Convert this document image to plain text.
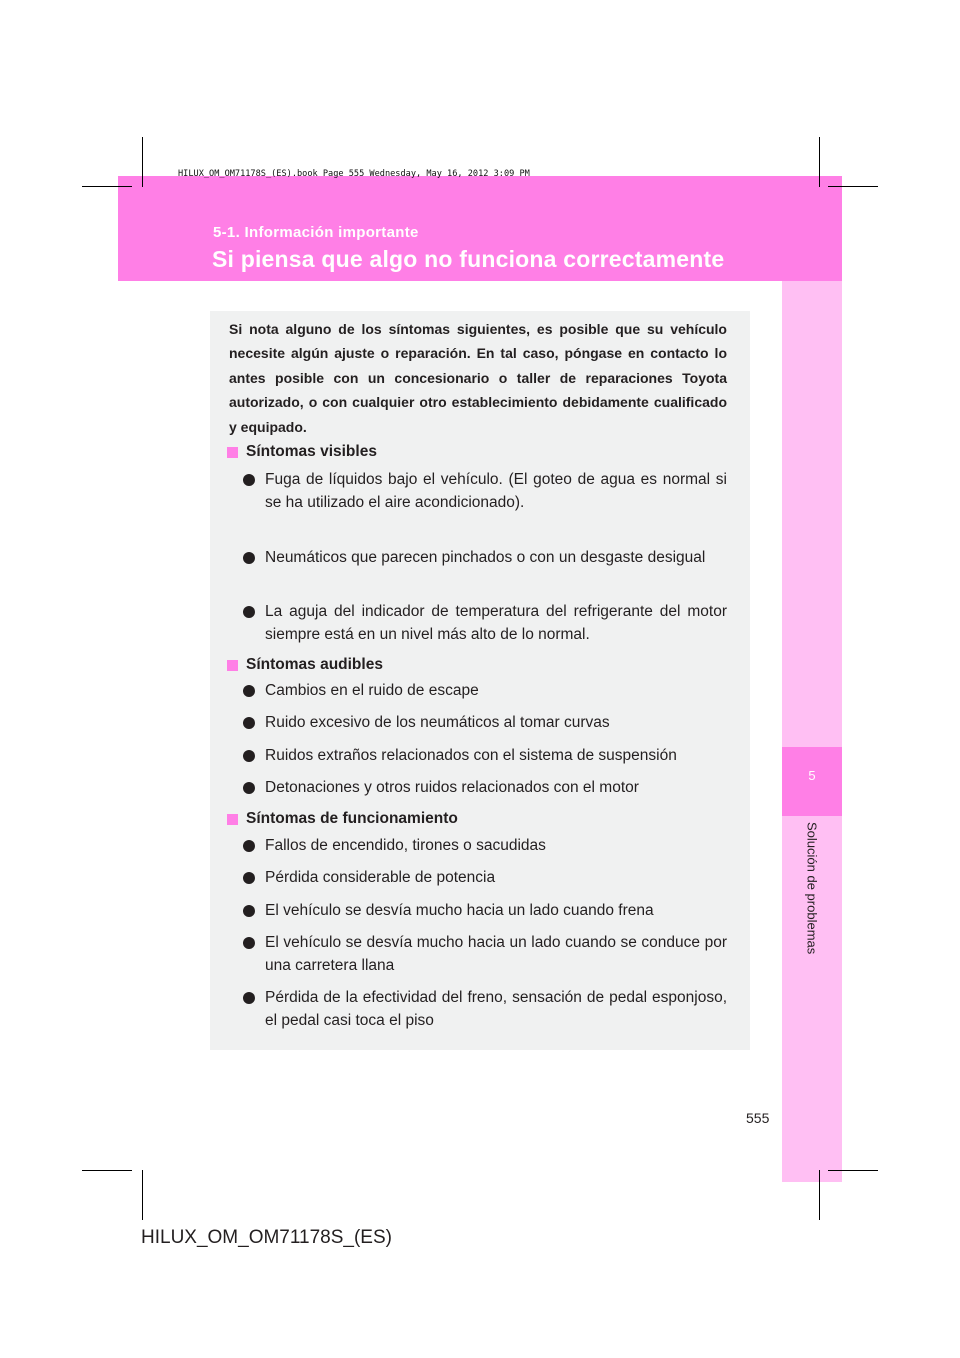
HILUX_OM_OM71178S_(ES).book Page 555 Wednesday, May 16, 2012 3:09 PM
5-1. Información importante
Si piensa que algo no funciona correctamente
5
Solución de problemas

Si nota alguno de los síntomas siguientes, es posible que su vehículo necesite algún ajuste o reparación. En tal caso, póngase en contacto lo antes posible con un concesionario o taller de reparaciones Toyota autorizado, o con cualquier otro establecimiento debidamente cualificado y equipado.

Síntomas visibles
Fuga de líquidos bajo el vehículo. (El goteo de agua es normal si se ha utilizado el aire acondicionado).
Neumáticos que parecen pinchados o con un desgaste desigual
La aguja del indicador de temperatura del refrigerante del motor siempre está en un nivel más alto de lo normal.
Síntomas audibles
Cambios en el ruido de escape
Ruido excesivo de los neumáticos al tomar curvas
Ruidos extraños relacionados con el sistema de suspensión
Detonaciones y otros ruidos relacionados con el motor
Síntomas de funcionamiento
Fallos de encendido, tirones o sacudidas
Pérdida considerable de potencia
El vehículo se desvía mucho hacia un lado cuando frena
El vehículo se desvía mucho hacia un lado cuando se conduce por una carretera llana
Pérdida de la efectividad del freno, sensación de pedal esponjoso, el pedal casi toca el piso
555
HILUX_OM_OM71178S_(ES)
